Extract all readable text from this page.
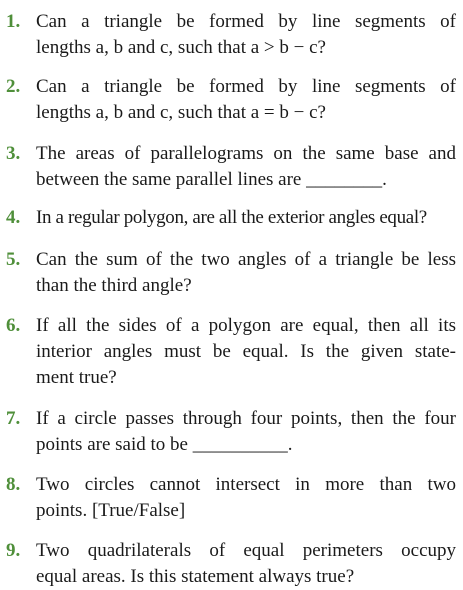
1. Can a triangle be formed by line segments of
lengths a, b and c, such that a > b − c?
2. Can a triangle be formed by line segments of
lengths a, b and c, such that a = b − c?
3. The areas of parallelograms on the same base and
between the same parallel lines are ________.
4. In a regular polygon, are all the exterior angles equal?
5. Can the sum of the two angles of a triangle be less
than the third angle?
6. If all the sides of a polygon are equal, then all its
interior angles must be equal. Is the given state-
ment true?
7. If a circle passes through four points, then the four
points are said to be __________.
8. Two circles cannot intersect in more than two
points. [True/False]
9. Two quadrilaterals of equal perimeters occupy
equal areas. Is this statement always true?
